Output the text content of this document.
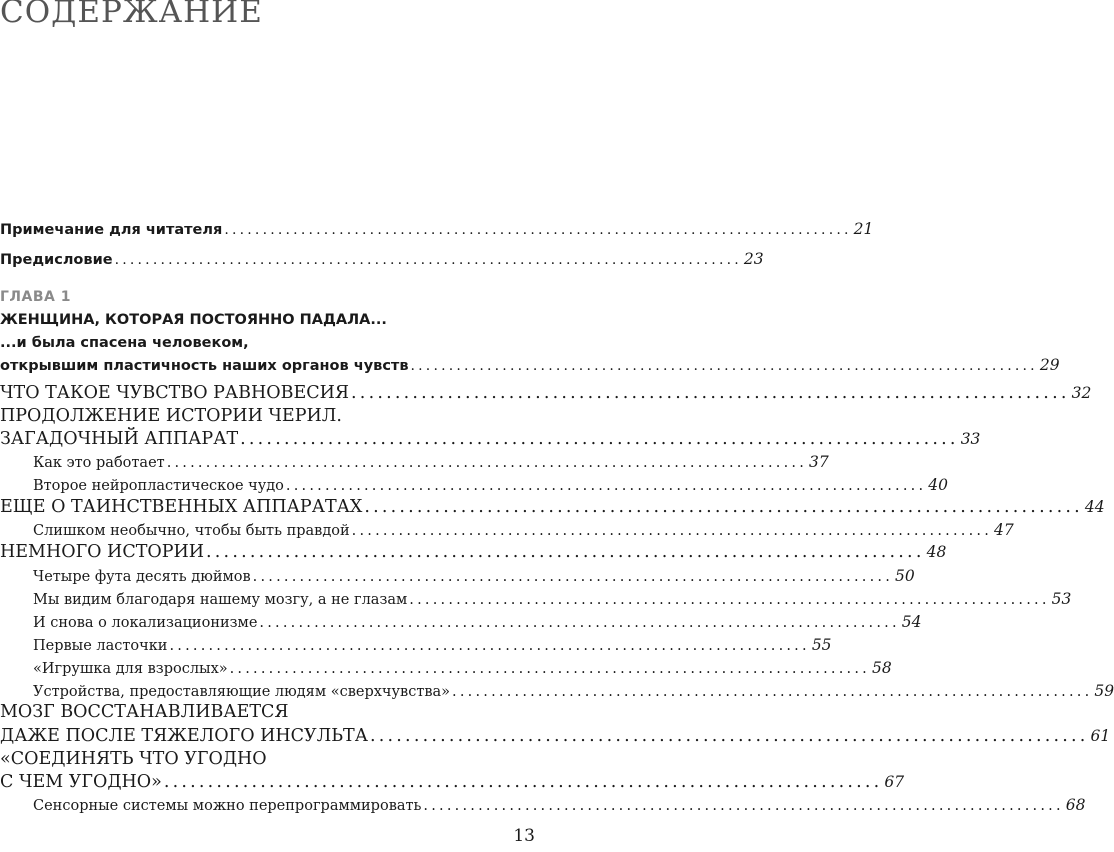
СОДЕРЖАНИЕ
Примечание для читателя .................................................................................. 21
Предисловие .................................................................................. 23
ГЛАВА 1
ЖЕНЩИНА, КОТОРАЯ ПОСТОЯННО ПАДАЛА...
...и была спасена человеком,
открывшим пластичность наших органов чувств .................................................................................. 29
ЧТО ТАКОЕ ЧУВСТВО РАВНОВЕСИЯ .................................................................................. 32
ПРОДОЛЖЕНИЕ ИСТОРИИ ЧЕРИЛ.
ЗАГАДОЧНЫЙ АППАРАТ .................................................................................. 33
Как это работает .................................................................................. 37
Второе нейропластическое чудо .................................................................................. 40
ЕЩЕ О ТАИНСТВЕННЫХ АППАРАТАХ .................................................................................. 44
Слишком необычно, чтобы быть правдой .................................................................................. 47
НЕМНОГО ИСТОРИИ .................................................................................. 48
Четыре фута десять дюймов .................................................................................. 50
Мы видим благодаря нашему мозгу, а не глазам .................................................................................. 53
И снова о локализационизме .................................................................................. 54
Первые ласточки .................................................................................. 55
«Игрушка для взрослых» .................................................................................. 58
Устройства, предоставляющие людям «сверхчувства» .................................................................................. 59
МОЗГ ВОССТАНАВЛИВАЕТСЯ
ДАЖЕ ПОСЛЕ ТЯЖЕЛОГО ИНСУЛЬТА .................................................................................. 61
«СОЕДИНЯТЬ ЧТО УГОДНО
С ЧЕМ УГОДНО» .................................................................................. 67
Сенсорные системы можно перепрограммировать .................................................................................. 68
13
